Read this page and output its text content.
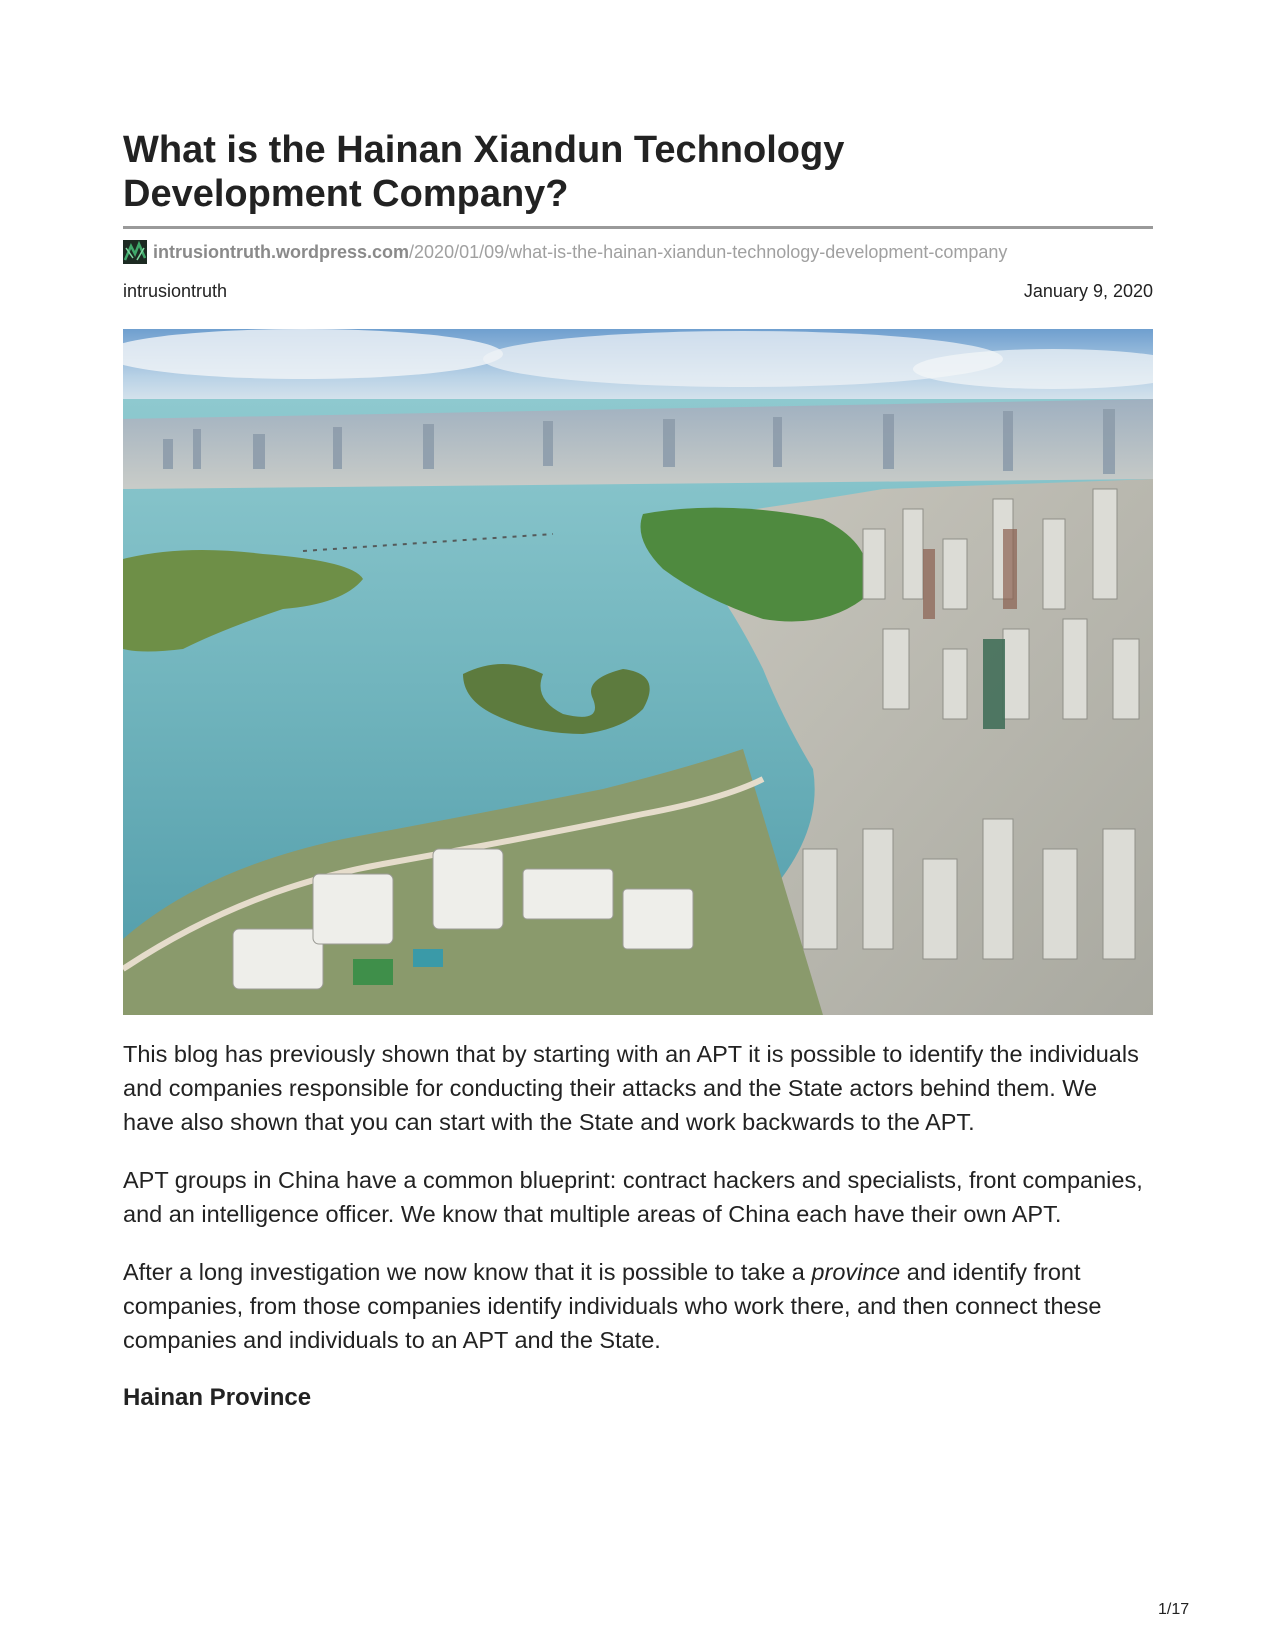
What is the Hainan Xiandun Technology Development Company?
intrusiontruth.wordpress.com /2020/01/09/what-is-the-hainan-xiandun-technology-development-company
intrusiontruth	January 9, 2020

This blog has previously shown that by starting with an APT it is possible to identify the individuals and companies responsible for conducting their attacks and the State actors behind them. We have also shown that you can start with the State and work backwards to the APT.

APT groups in China have a common blueprint: contract hackers and specialists, front companies, and an intelligence officer. We know that multiple areas of China each have their own APT.

After a long investigation we now know that it is possible to take a province and identify front companies, from those companies identify individuals who work there, and then connect these companies and individuals to an APT and the State.

Hainan Province
1/17
